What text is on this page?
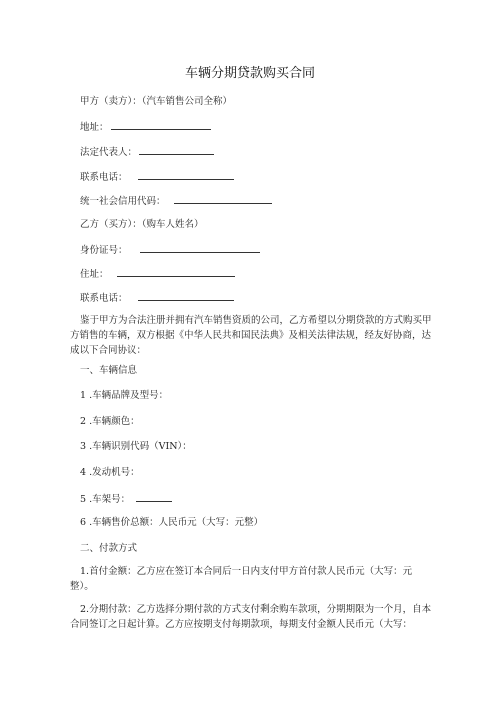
车辆分期贷款购买合同
甲方（卖方）：（汽车销售公司全称）
地址：
法定代表人：
联系电话：
统一社会信用代码：
乙方（买方）：（购车人姓名）
身份证号：
住址：
联系电话：
鉴于甲方为合法注册并拥有汽车销售资质的公司，乙方希望以分期贷款的方式购买甲方销售的车辆，双方根据《中华人民共和国民法典》及相关法律法规，经友好协商，达成以下合同协议：
一、车辆信息
1 .车辆品牌及型号：
2 .车辆颜色：
3 .车辆识别代码（VIN）：
4 .发动机号：
5 .车架号：
6 .车辆售价总额：人民币元（大写：元整）
二、付款方式
1.首付金额：乙方应在签订本合同后一日内支付甲方首付款人民币元（大写：元整）。
2.分期付款：乙方选择分期付款的方式支付剩余购车款项，分期期限为一个月，自本合同签订之日起计算。乙方应按期支付每期款项，每期支付金额人民币元（大写：
